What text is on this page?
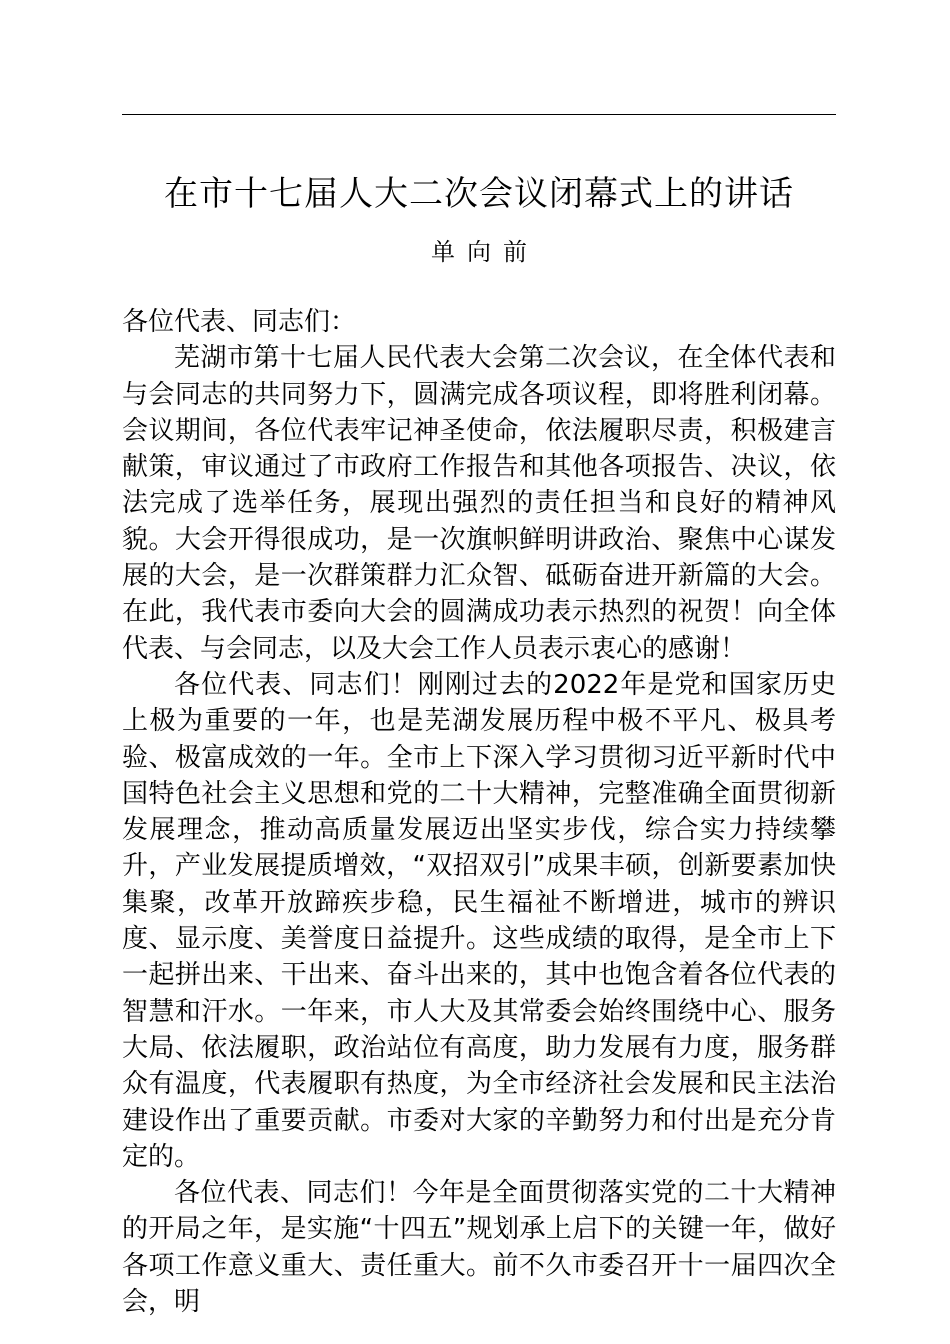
在市十七届人大二次会议闭幕式上的讲话
单向前

各位代表、同志们：

芜湖市第十七届人民代表大会第二次会议，在全体代表和与会同志的共同努力下，圆满完成各项议程，即将胜利闭幕。会议期间，各位代表牢记神圣使命，依法履职尽责，积极建言献策，审议通过了市政府工作报告和其他各项报告、决议，依法完成了选举任务，展现出强烈的责任担当和良好的精神风貌。大会开得很成功，是一次旗帜鲜明讲政治、聚焦中心谋发展的大会，是一次群策群力汇众智、砥砺奋进开新篇的大会。在此，我代表市委向大会的圆满成功表示热烈的祝贺！向全体代表、与会同志，以及大会工作人员表示衷心的感谢！

各位代表、同志们！刚刚过去的2022年是党和国家历史上极为重要的一年，也是芜湖发展历程中极不平凡、极具考验、极富成效的一年。全市上下深入学习贯彻习近平新时代中国特色社会主义思想和党的二十大精神，完整准确全面贯彻新发展理念，推动高质量发展迈出坚实步伐，综合实力持续攀升，产业发展提质增效，“双招双引”成果丰硕，创新要素加快集聚，改革开放蹄疾步稳，民生福祉不断增进，城市的辨识度、显示度、美誉度日益提升。这些成绩的取得，是全市上下一起拼出来、干出来、奋斗出来的，其中也饱含着各位代表的智慧和汗水。一年来，市人大及其常委会始终围绕中心、服务大局、依法履职，政治站位有高度，助力发展有力度，服务群众有温度，代表履职有热度，为全市经济社会发展和民主法治建设作出了重要贡献。市委对大家的辛勤努力和付出是充分肯定的。

各位代表、同志们！今年是全面贯彻落实党的二十大精神的开局之年，是实施“十四五”规划承上启下的关键一年，做好各项工作意义重大、责任重大。前不久市委召开十一届四次全会，明
